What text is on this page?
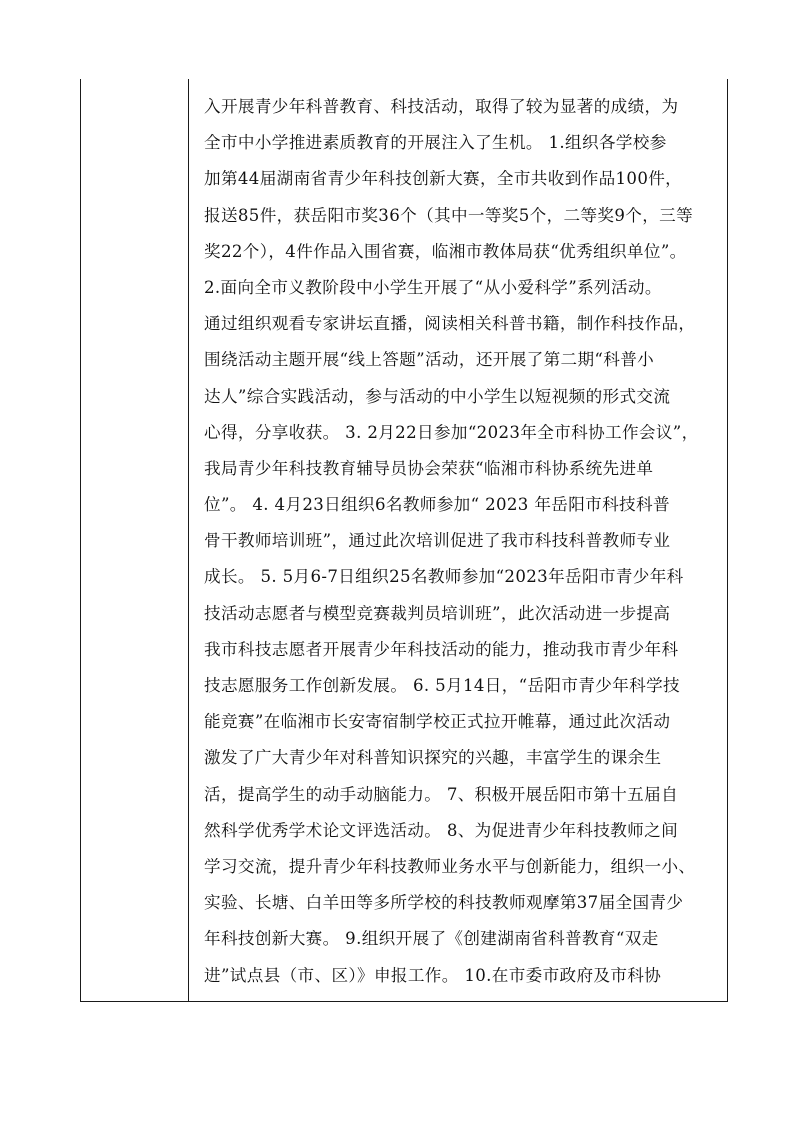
入开展青少年科普教育、科技活动，取得了较为显著的成绩，为
全市中小学推进素质教育的开展注入了生机。 1.组织各学校参
加第44届湖南省青少年科技创新大赛，全市共收到作品100件，
报送85件，获岳阳市奖36个（其中一等奖5个，二等奖9个，三等
奖22个），4件作品入围省赛，临湘市教体局获“优秀组织单位”。
2.面向全市义教阶段中小学生开展了“从小爱科学”系列活动。
通过组织观看专家讲坛直播，阅读相关科普书籍，制作科技作品，
围绕活动主题开展“线上答题”活动，还开展了第二期“科普小
达人”综合实践活动，参与活动的中小学生以短视频的形式交流
心得，分享收获。 3. 2月22日参加“2023年全市科协工作会议”，
我局青少年科技教育辅导员协会荣获“临湘市科协系统先进单
位”。 4. 4月23日组织6名教师参加“ 2023 年岳阳市科技科普
骨干教师培训班”，通过此次培训促进了我市科技科普教师专业
成长。 5. 5月6-7日组织25名教师参加“2023年岳阳市青少年科
技活动志愿者与模型竞赛裁判员培训班”，此次活动进一步提高
我市科技志愿者开展青少年科技活动的能力，推动我市青少年科
技志愿服务工作创新发展。 6. 5月14日，“岳阳市青少年科学技
能竞赛”在临湘市长安寄宿制学校正式拉开帷幕，通过此次活动
激发了广大青少年对科普知识探究的兴趣，丰富学生的课余生
活，提高学生的动手动脑能力。 7、积极开展岳阳市第十五届自
然科学优秀学术论文评选活动。 8、为促进青少年科技教师之间
学习交流，提升青少年科技教师业务水平与创新能力，组织一小、
实验、长塘、白羊田等多所学校的科技教师观摩第37届全国青少
年科技创新大赛。 9.组织开展了《创建湖南省科普教育“双走
进”试点县（市、区）》申报工作。 10.在市委市政府及市科协
